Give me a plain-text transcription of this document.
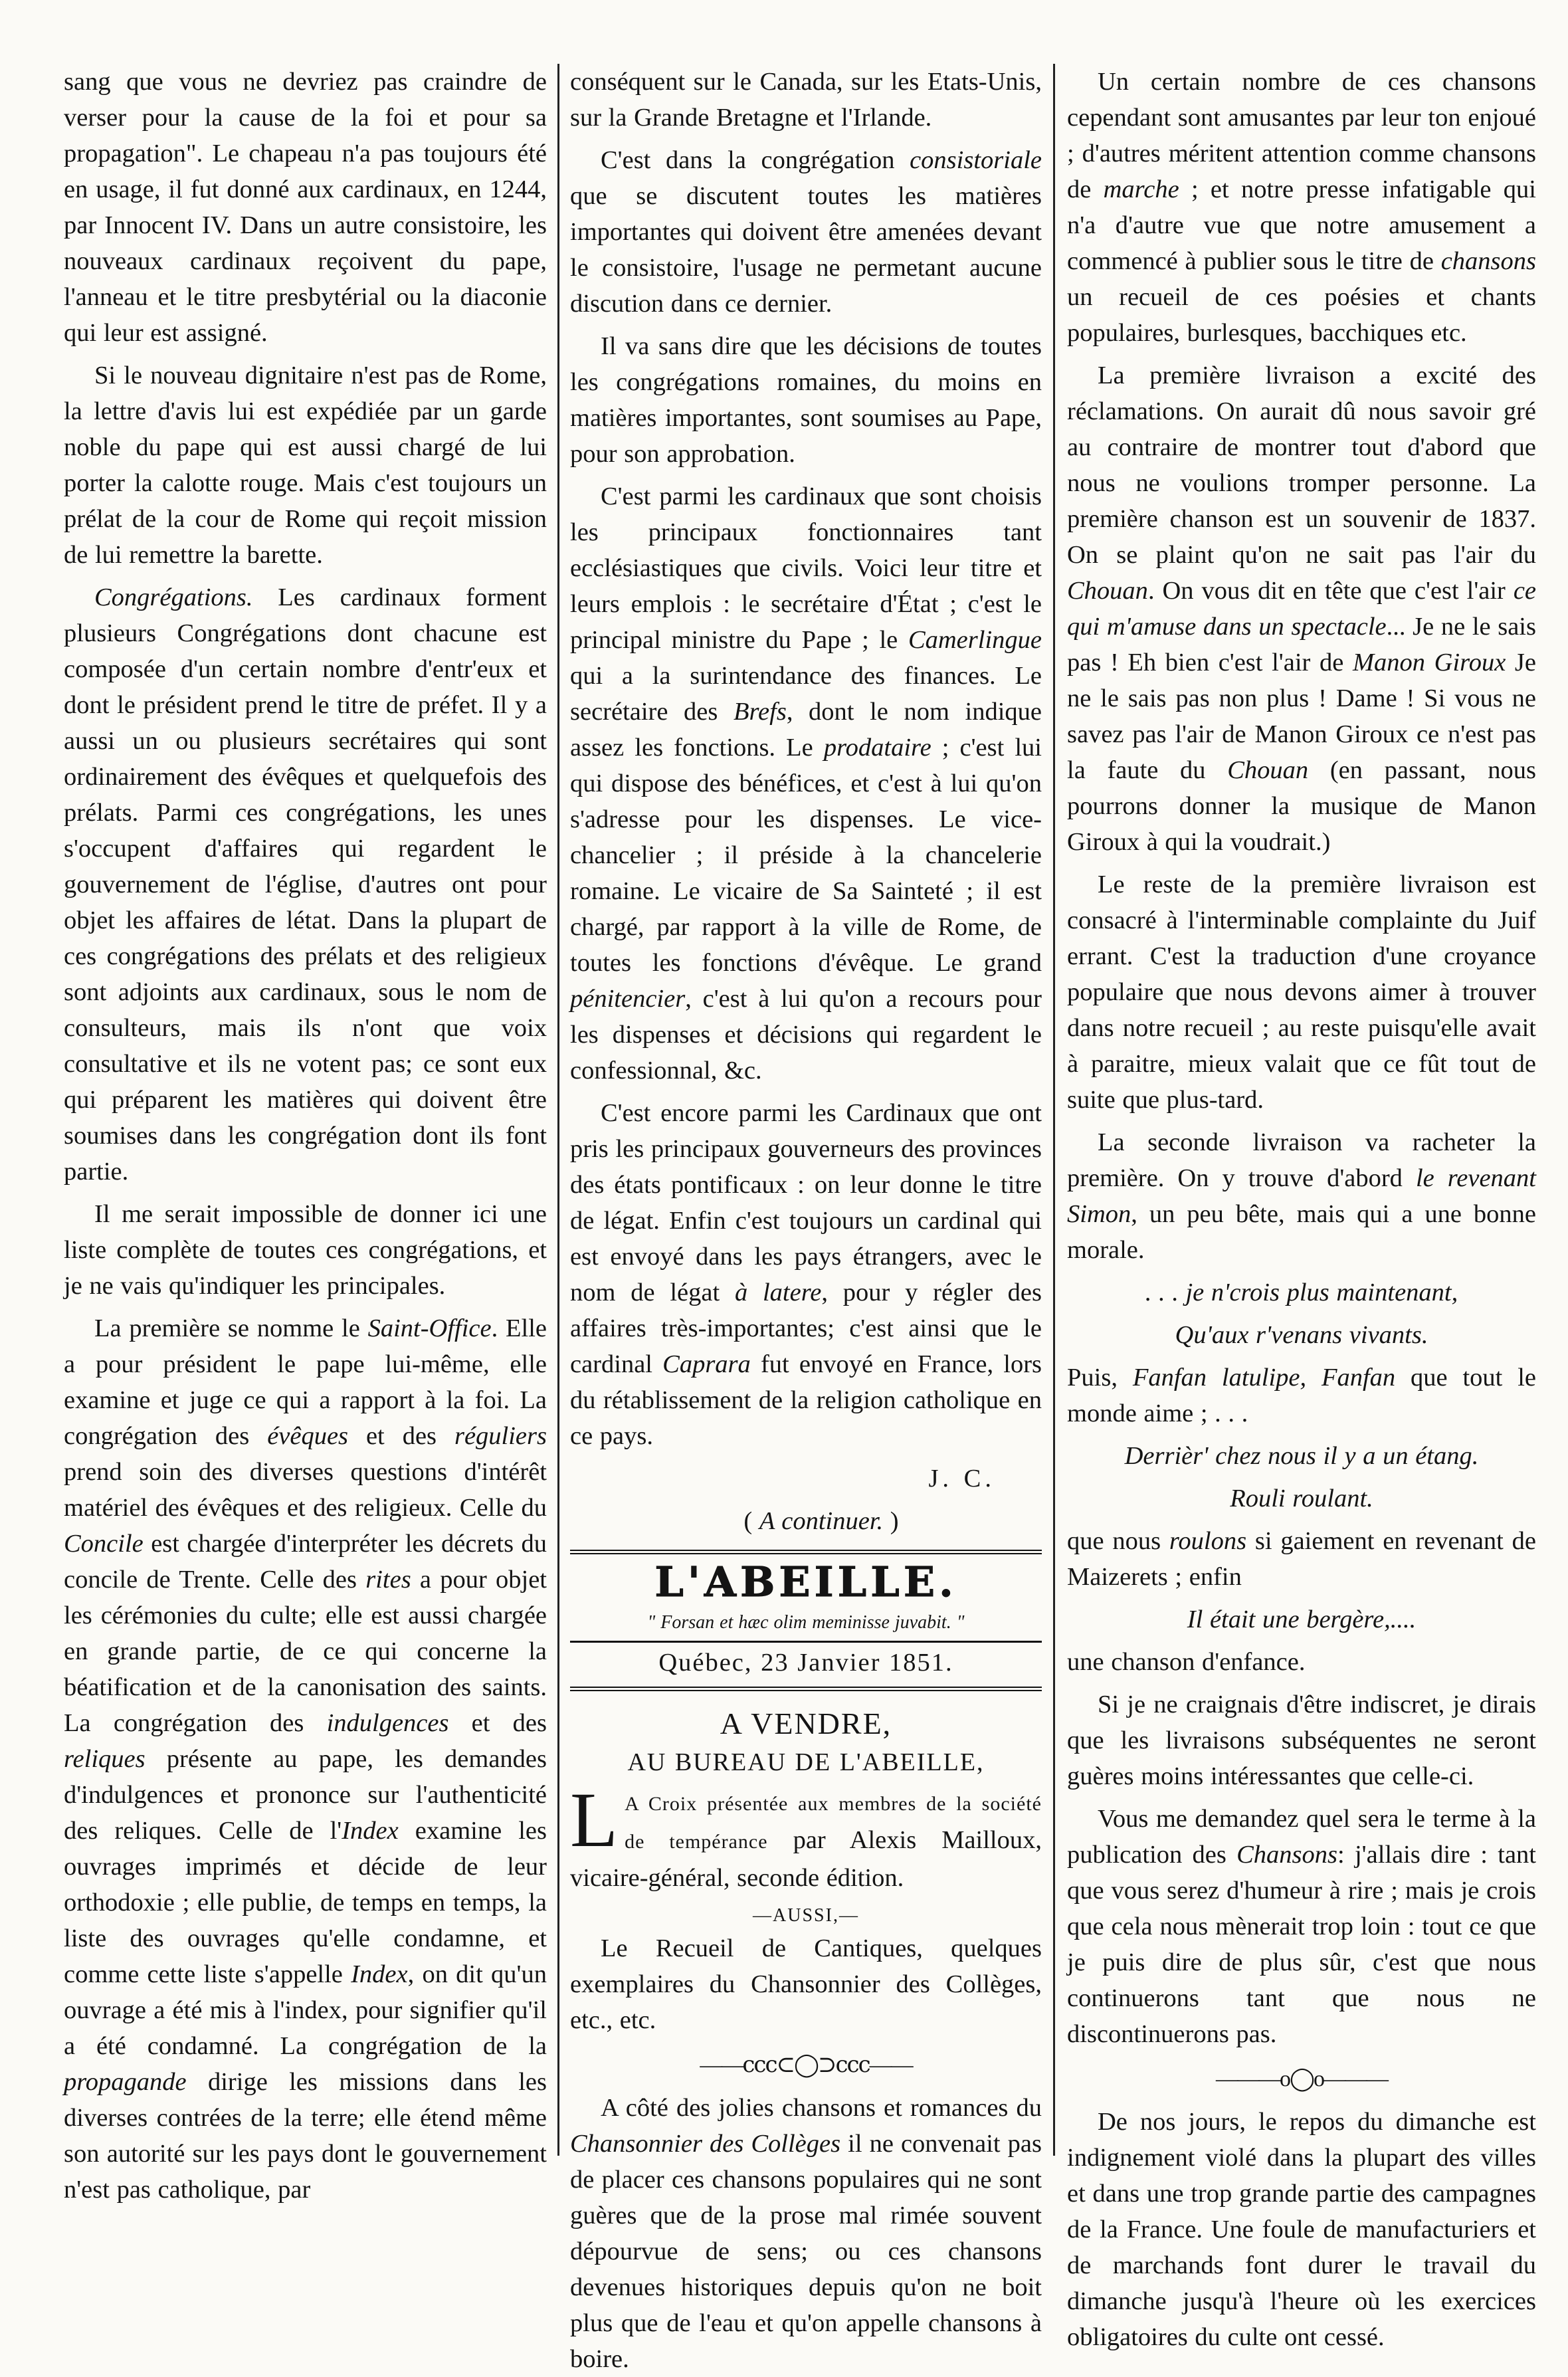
sang que vous ne devriez pas craindre de verser pour la cause de la foi et pour sa propagation". Le chapeau n'a pas toujours été en usage, il fut donné aux cardinaux, en 1244, par Innocent IV. Dans un autre consistoire, les nouveaux cardinaux reçoivent du pape, l'anneau et le titre presbytérial ou la diaconie qui leur est assigné.

Si le nouveau dignitaire n'est pas de Rome, la lettre d'avis lui est expédiée par un garde noble du pape qui est aussi chargé de lui porter la calotte rouge. Mais c'est toujours un prélat de la cour de Rome qui reçoit mission de lui remettre la barette.

Congrégations. Les cardinaux forment plusieurs Congrégations dont chacune est composée d'un certain nombre d'entr'eux et dont le président prend le titre de préfet. Il y a aussi un ou plusieurs secrétaires qui sont ordinairement des évêques et quelquefois des prélats. Parmi ces congrégations, les unes s'occupent d'affaires qui regardent le gouvernement de l'église, d'autres ont pour objet les affaires de létat. Dans la plupart de ces congrégations des prélats et des religieux sont adjoints aux cardinaux, sous le nom de consulteurs, mais ils n'ont que voix consultative et ils ne votent pas; ce sont eux qui préparent les matières qui doivent être soumises dans les congrégation dont ils font partie.

Il me serait impossible de donner ici une liste complète de toutes ces congrégations, et je ne vais qu'indiquer les principales.

La première se nomme le Saint-Office. Elle a pour président le pape lui-même, elle examine et juge ce qui a rapport à la foi. La congrégation des évêques et des réguliers prend soin des diverses questions d'intérêt matériel des évêques et des religieux. Celle du Concile est chargée d'interpréter les décrets du concile de Trente. Celle des rites a pour objet les cérémonies du culte; elle est aussi chargée en grande partie, de ce qui concerne la béatification et de la canonisation des saints. La congrégation des indulgences et des reliques présente au pape, les demandes d'indulgences et prononce sur l'authenticité des reliques. Celle de l'Index examine les ouvrages imprimés et décide de leur orthodoxie ; elle publie, de temps en temps, la liste des ouvrages qu'elle condamne, et comme cette liste s'appelle Index, on dit qu'un ouvrage a été mis à l'index, pour signifier qu'il a été condamné. La congrégation de la propagande dirige les missions dans les diverses contrées de la terre; elle étend même son autorité sur les pays dont le gouvernement n'est pas catholique, par

conséquent sur le Canada, sur les Etats-Unis, sur la Grande Bretagne et l'Irlande.

C'est dans la congrégation consistoriale que se discutent toutes les matières importantes qui doivent être amenées devant le consistoire, l'usage ne permetant aucune discution dans ce dernier.

Il va sans dire que les décisions de toutes les congrégations romaines, du moins en matières importantes, sont soumises au Pape, pour son approbation.

C'est parmi les cardinaux que sont choisis les principaux fonctionnaires tant ecclésiastiques que civils. Voici leur titre et leurs emplois : le secrétaire d'État ; c'est le principal ministre du Pape ; le Camerlingue qui a la surintendance des finances. Le secrétaire des Brefs, dont le nom indique assez les fonctions. Le prodataire ; c'est lui qui dispose des bénéfices, et c'est à lui qu'on s'adresse pour les dispenses. Le vice-chancelier ; il préside à la chancelerie romaine. Le vicaire de Sa Sainteté ; il est chargé, par rapport à la ville de Rome, de toutes les fonctions d'évêque. Le grand pénitencier, c'est à lui qu'on a recours pour les dispenses et décisions qui regardent le confessionnal, &c.

C'est encore parmi les Cardinaux que ont pris les principaux gouverneurs des provinces des états pontificaux : on leur donne le titre de légat. Enfin c'est toujours un cardinal qui est envoyé dans les pays étrangers, avec le nom de légat à latere, pour y régler des affaires très-importantes; c'est ainsi que le cardinal Caprara fut envoyé en France, lors du rétablissement de la religion catholique en ce pays.

J. C.

( A continuer. )

L'ABEILLE.
" Forsan et hæc olim meminisse juvabit. "
Québec, 23 Janvier 1851.
A VENDRE,
AU BUREAU DE L'ABEILLE,

L A Croix présentée aux membres de la société de tempérance par Alexis Mailloux, vicaire-général, seconde édition.

—AUSSI,—

Le Recueil de Cantiques, quelques exemplaires du Chansonnier des Collèges, etc., etc.

——ⅽⅽⅽ⊂◯⊃ⅽⅽⅽ——

A côté des jolies chansons et romances du Chansonnier des Collèges il ne convenait pas de placer ces chansons populaires qui ne sont guères que de la prose mal rimée souvent dépourvue de sens; ou ces chansons devenues historiques depuis qu'on ne boit plus que de l'eau et qu'on appelle chansons à boire.

Un certain nombre de ces chansons cependant sont amusantes par leur ton enjoué ; d'autres méritent attention comme chansons de marche ; et notre presse infatigable qui n'a d'autre vue que notre amusement a commencé à publier sous le titre de chansons un recueil de ces poésies et chants populaires, burlesques, bacchiques etc.

La première livraison a excité des réclamations. On aurait dû nous savoir gré au contraire de montrer tout d'abord que nous ne voulions tromper personne. La première chanson est un souvenir de 1837. On se plaint qu'on ne sait pas l'air du Chouan. On vous dit en tête que c'est l'air ce qui m'amuse dans un spectacle... Je ne le sais pas ! Eh bien c'est l'air de Manon Giroux Je ne le sais pas non plus ! Dame ! Si vous ne savez pas l'air de Manon Giroux ce n'est pas la faute du Chouan (en passant, nous pourrons donner la musique de Manon Giroux à qui la voudrait.)

Le reste de la première livraison est consacré à l'interminable complainte du Juif errant. C'est la traduction d'une croyance populaire que nous devons aimer à trouver dans notre recueil ; au reste puisqu'elle avait à paraitre, mieux valait que ce fût tout de suite que plus-tard.

La seconde livraison va racheter la première. On y trouve d'abord le revenant Simon, un peu bête, mais qui a une bonne morale.

. . . je n'crois plus maintenant,

Qu'aux r'venans vivants.

Puis, Fanfan latulipe, Fanfan que tout le monde aime ; . . .

Derrièr' chez nous il y a un étang.

Rouli roulant.

que nous roulons si gaiement en revenant de Maizerets ; enfin

Il était une bergère,....

une chanson d'enfance.

Si je ne craignais d'être indiscret, je dirais que les livraisons subséquentes ne seront guères moins intéressantes que celle-ci.

Vous me demandez quel sera le terme à la publication des Chansons: j'allais dire : tant que vous serez d'humeur à rire ; mais je crois que cela nous mènerait trop loin : tout ce que je puis dire de plus sûr, c'est que nous continuerons tant que nous ne discontinuerons pas.

———ο◯ο———

De nos jours, le repos du dimanche est indignement violé dans la plupart des villes et dans une trop grande partie des campagnes de la France. Une foule de manufacturiers et de marchands font durer le travail du dimanche jusqu'à l'heure où les exercices obligatoires du culte ont cessé.
